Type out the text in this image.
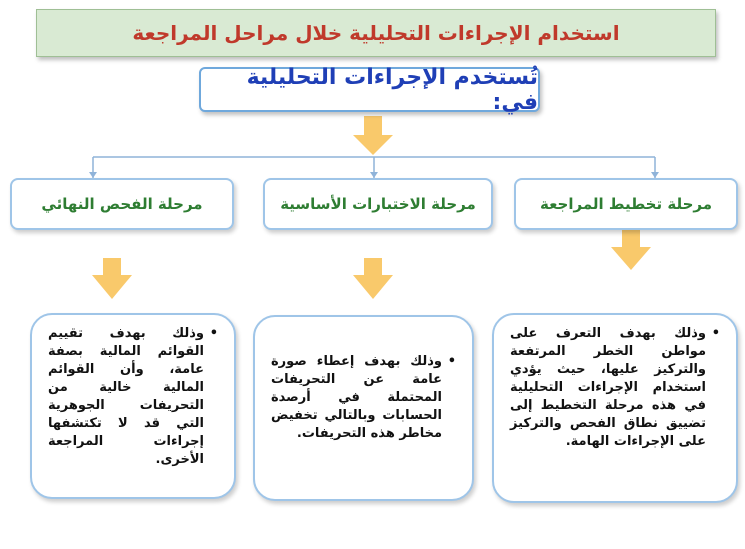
استخدام الإجراءات التحليلية خلال مراحل المراجعة
تُستخدم الإجراءات التحليلية في:
مرحلة تخطيط المراجعة
مرحلة الاختبارات الأساسية
مرحلة الفحص النهائي
• وذلك بهدف التعرف على مواطن الخطر المرتفعة والتركيز عليها، حيث يؤدي استخدام الإجراءات التحليلية في هذه مرحلة التخطيط إلى تضييق نطاق الفحص والتركيز على الإجراءات الهامة.
• وذلك بهدف إعطاء صورة عامة عن التحريفات المحتملة في أرصدة الحسابات وبالتالي تخفيض مخاطر هذه التحريفات.
• وذلك بهدف تقييم القوائم المالية بصفة عامة، وأن القوائم المالية خالية من التحريفات الجوهرية التي قد لا تكتشفها إجراءات المراجعة الأخرى.
